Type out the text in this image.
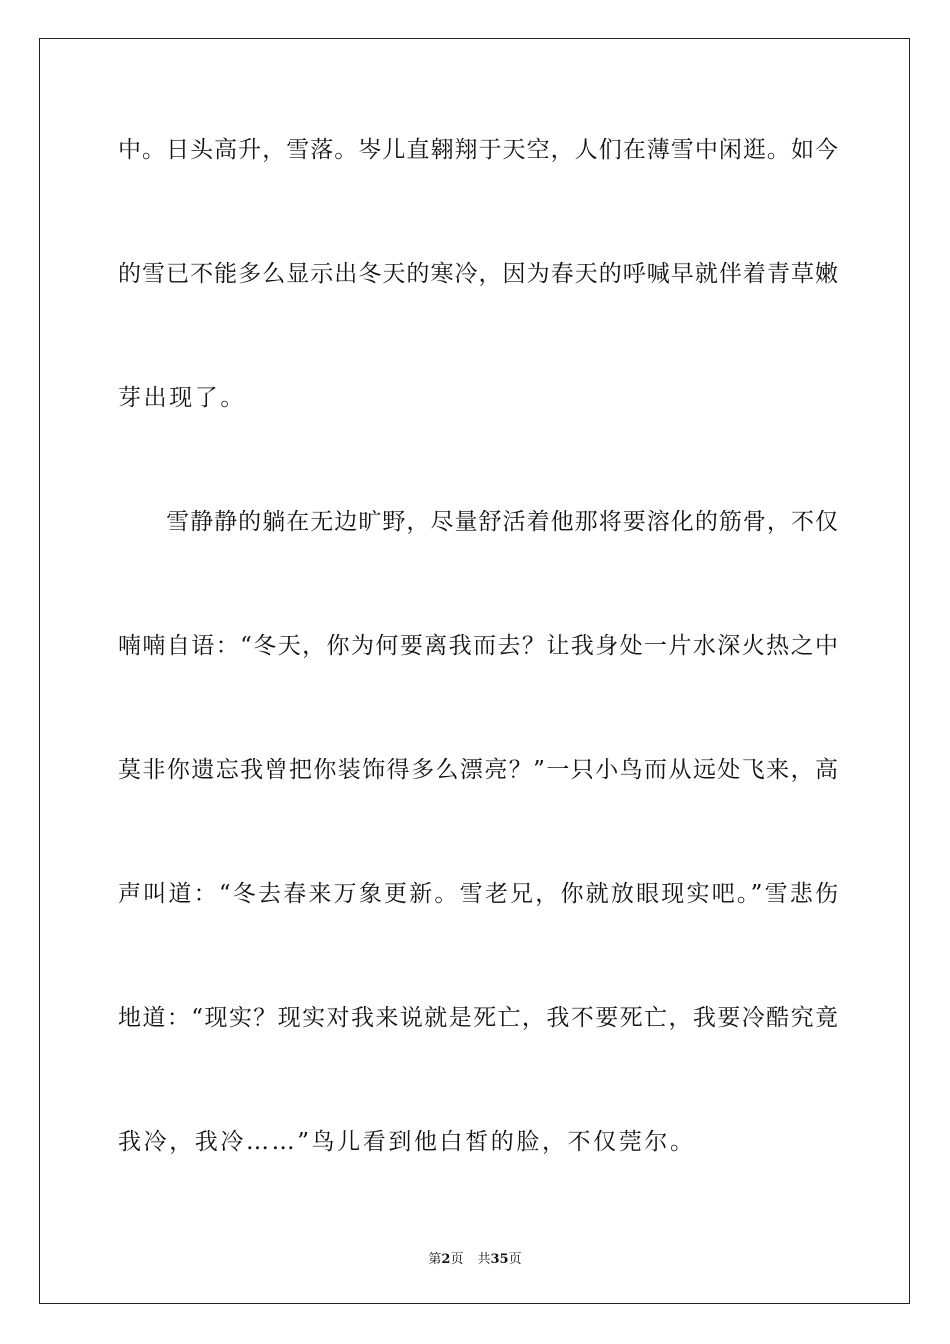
中。日头高升，雪落。岑儿直翱翔于天空，人们在薄雪中闲逛。如今
的雪已不能多么显示出冬天的寒冷，因为春天的呼喊早就伴着青草嫩
芽出现了。
　　雪静静的躺在无边旷野，尽量舒活着他那将要溶化的筋骨，不仅
喃喃自语：“冬天，你为何要离我而去？让我身处一片水深火热之中
莫非你遗忘我曾把你装饰得多么漂亮？”一只小鸟而从远处飞来，高
声叫道：“冬去春来万象更新。雪老兄，你就放眼现实吧。”雪悲伤
地道：“现实？现实对我来说就是死亡，我不要死亡，我要冷酷究竟
我冷，我冷……”鸟儿看到他白皙的脸，不仅莞尔。
第2页 共35页
